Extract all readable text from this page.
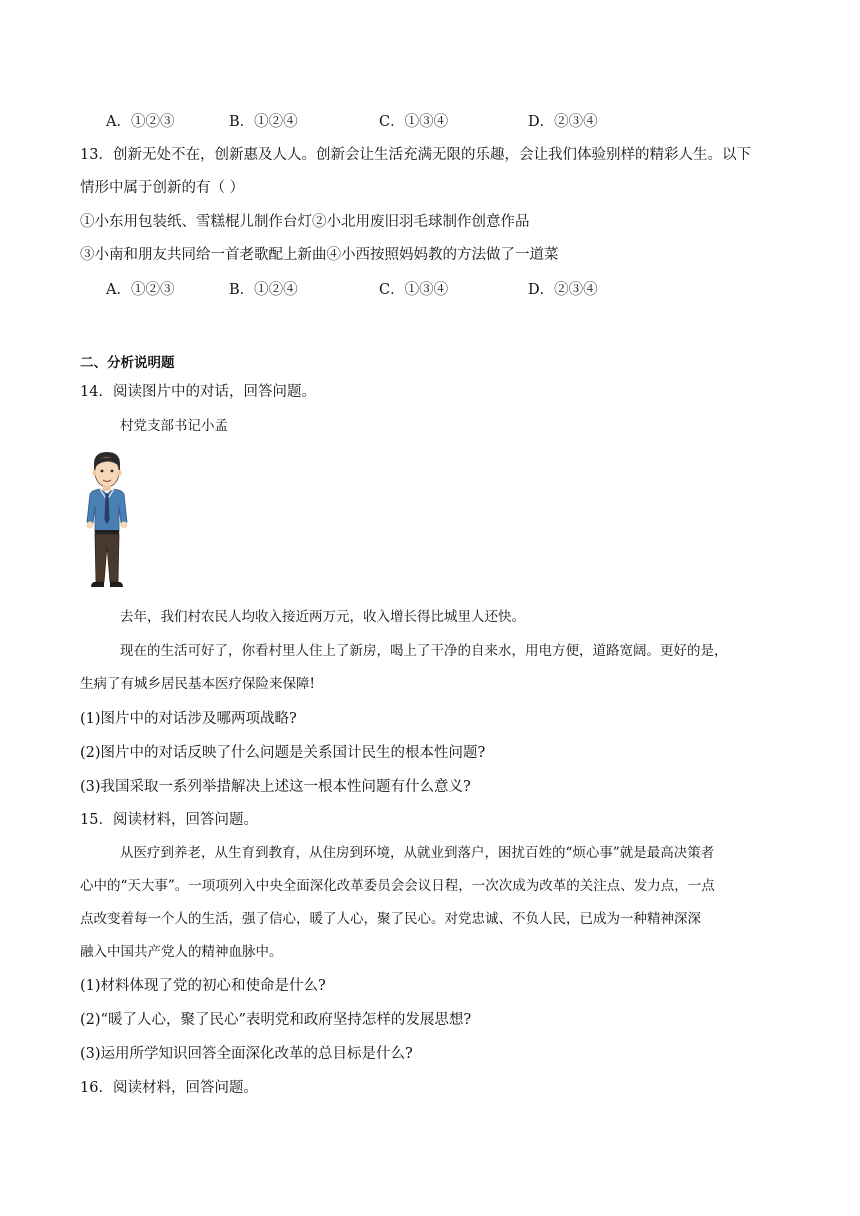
A．①②③	B．①②④	C．①③④	D．②③④
13．创新无处不在，创新惠及人人。创新会让生活充满无限的乐趣，会让我们体验别样的精彩人生。以下
情形中属于创新的有（ ）
①小东用包装纸、雪糕棍儿制作台灯②小北用废旧羽毛球制作创意作品
③小南和朋友共同给一首老歌配上新曲④小西按照妈妈教的方法做了一道菜
A．①②③	B．①②④	C．①③④	D．②③④
二、分析说明题
14．阅读图片中的对话，回答问题。
村党支部书记小孟
去年，我们村农民人均收入接近两万元，收入增长得比城里人还快。
现在的生活可好了，你看村里人住上了新房，喝上了干净的自来水，用电方便，道路宽阔。更好的是，
生病了有城乡居民基本医疗保险来保障!
(1)图片中的对话涉及哪两项战略?
(2)图片中的对话反映了什么问题是关系国计民生的根本性问题?
(3)我国采取一系列举措解决上述这一根本性问题有什么意义?
15．阅读材料，回答问题。
从医疗到养老，从生育到教育，从住房到环境，从就业到落户，困扰百姓的“烦心事”就是最高决策者
心中的“天大事”。一项项列入中央全面深化改革委员会会议日程，一次次成为改革的关注点、发力点，一点
点改变着每一个人的生活，强了信心，暖了人心，聚了民心。对党忠诚、不负人民，已成为一种精神深深
融入中国共产党人的精神血脉中。
(1)材料体现了党的初心和使命是什么?
(2)“暖了人心，聚了民心”表明党和政府坚持怎样的发展思想?
(3)运用所学知识回答全面深化改革的总目标是什么?
16．阅读材料，回答问题。
